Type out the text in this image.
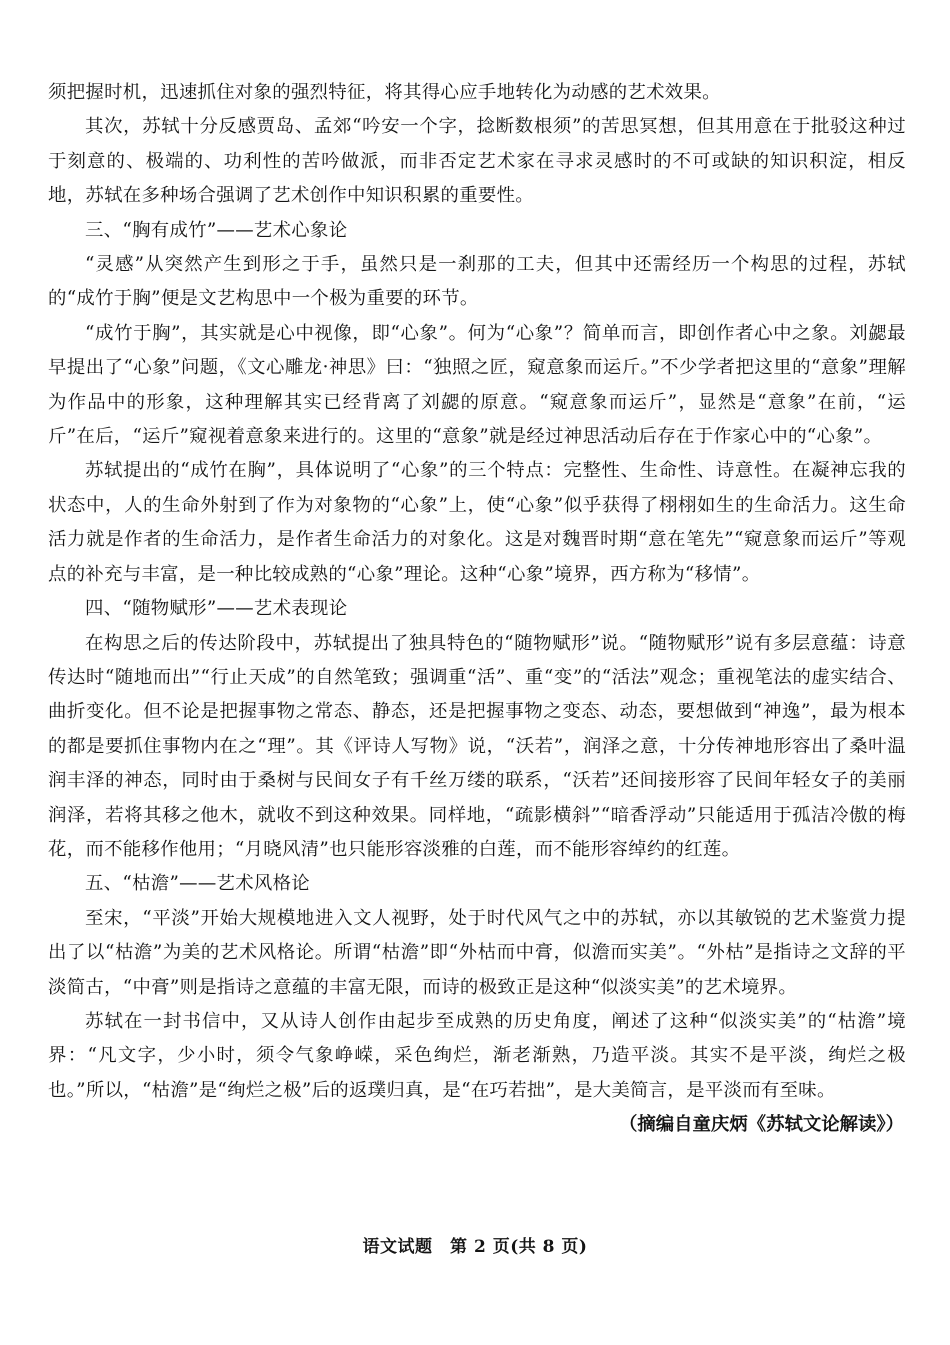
须把握时机，迅速抓住对象的强烈特征，将其得心应手地转化为动感的艺术效果。

其次，苏轼十分反感贾岛、孟郊“吟安一个字，捻断数根须”的苦思冥想，但其用意在于批驳这种过于刻意的、极端的、功利性的苦吟做派，而非否定艺术家在寻求灵感时的不可或缺的知识积淀，相反地，苏轼在多种场合强调了艺术创作中知识积累的重要性。

三、“胸有成竹”——艺术心象论

“灵感”从突然产生到形之于手，虽然只是一刹那的工夫，但其中还需经历一个构思的过程，苏轼的“成竹于胸”便是文艺构思中一个极为重要的环节。

“成竹于胸”，其实就是心中视像，即“心象”。何为“心象”？简单而言，即创作者心中之象。刘勰最早提出了“心象”问题，《文心雕龙·神思》曰：“独照之匠，窥意象而运斤。”不少学者把这里的“意象”理解为作品中的形象，这种理解其实已经背离了刘勰的原意。“窥意象而运斤”，显然是“意象”在前，“运斤”在后，“运斤”窥视着意象来进行的。这里的“意象”就是经过神思活动后存在于作家心中的“心象”。

苏轼提出的“成竹在胸”，具体说明了“心象”的三个特点：完整性、生命性、诗意性。在凝神忘我的状态中，人的生命外射到了作为对象物的“心象”上，使“心象”似乎获得了栩栩如生的生命活力。这生命活力就是作者的生命活力，是作者生命活力的对象化。这是对魏晋时期“意在笔先”“窥意象而运斤”等观点的补充与丰富，是一种比较成熟的“心象”理论。这种“心象”境界，西方称为“移情”。

四、“随物赋形”——艺术表现论

在构思之后的传达阶段中，苏轼提出了独具特色的“随物赋形”说。“随物赋形”说有多层意蕴：诗意传达时“随地而出”“行止天成”的自然笔致；强调重“活”、重“变”的“活法”观念；重视笔法的虚实结合、曲折变化。但不论是把握事物之常态、静态，还是把握事物之变态、动态，要想做到“神逸”，最为根本的都是要抓住事物内在之“理”。其《评诗人写物》说，“沃若”，润泽之意，十分传神地形容出了桑叶温润丰泽的神态，同时由于桑树与民间女子有千丝万缕的联系，“沃若”还间接形容了民间年轻女子的美丽润泽，若将其移之他木，就收不到这种效果。同样地，“疏影横斜”“暗香浮动”只能适用于孤洁冷傲的梅花，而不能移作他用；“月晓风清”也只能形容淡雅的白莲，而不能形容绰约的红莲。

五、“枯澹”——艺术风格论

至宋，“平淡”开始大规模地进入文人视野，处于时代风气之中的苏轼，亦以其敏锐的艺术鉴赏力提出了以“枯澹”为美的艺术风格论。所谓“枯澹”即“外枯而中膏，似澹而实美”。“外枯”是指诗之文辞的平淡简古，“中膏”则是指诗之意蕴的丰富无限，而诗的极致正是这种“似淡实美”的艺术境界。

苏轼在一封书信中，又从诗人创作由起步至成熟的历史角度，阐述了这种“似淡实美”的“枯澹”境界：“凡文字，少小时，须令气象峥嵘，采色绚烂，渐老渐熟，乃造平淡。其实不是平淡，绚烂之极也。”所以，“枯澹”是“绚烂之极”后的返璞归真，是“在巧若拙”，是大美简言，是平淡而有至味。

（摘编自童庆炳《苏轼文论解读》）

语文试题　第 2 页(共 8 页)
